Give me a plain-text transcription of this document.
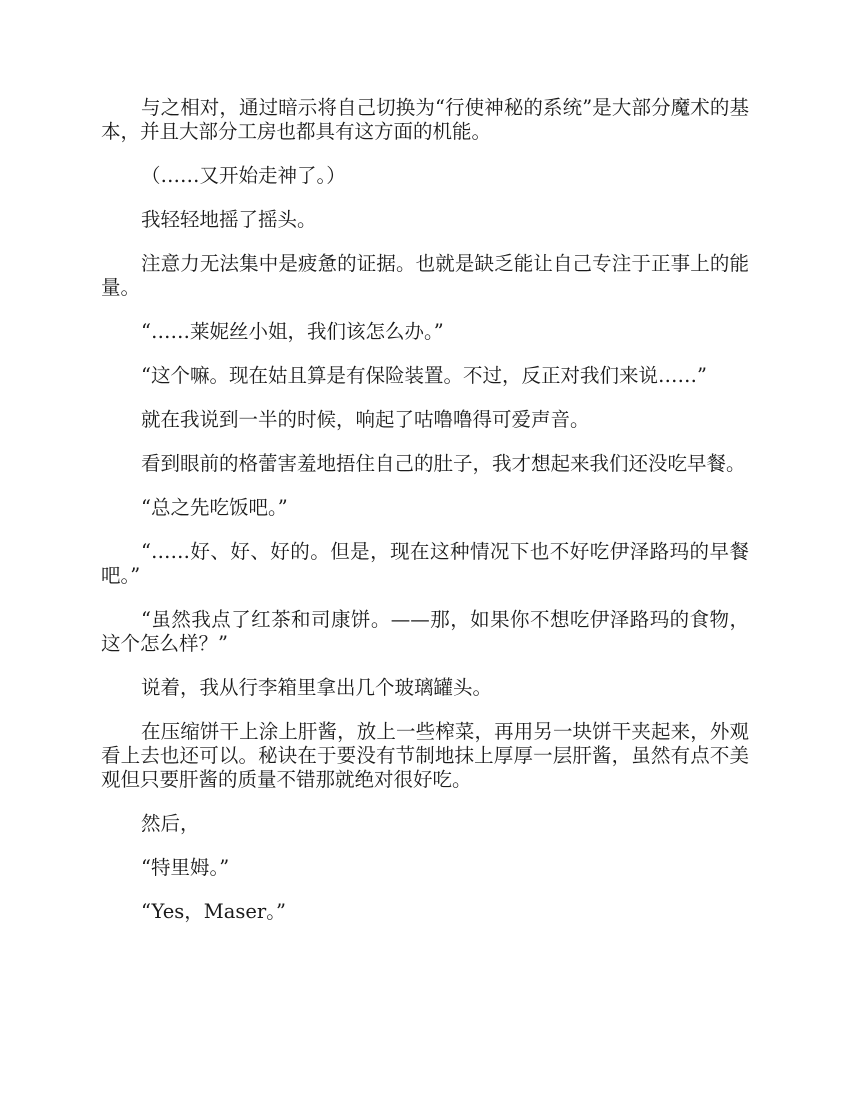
与之相对，通过暗示将自己切换为“行使神秘的系统”是大部分魔术的基本，并且大部分工房也都具有这方面的机能。

（……又开始走神了。）

我轻轻地摇了摇头。

注意力无法集中是疲惫的证据。也就是缺乏能让自己专注于正事上的能量。

“……莱妮丝小姐，我们该怎么办。”

“这个嘛。现在姑且算是有保险装置。不过，反正对我们来说……”

就在我说到一半的时候，响起了咕噜噜得可爱声音。

看到眼前的格蕾害羞地捂住自己的肚子，我才想起来我们还没吃早餐。

“总之先吃饭吧。”

“……好、好、好的。但是，现在这种情况下也不好吃伊泽路玛的早餐吧。”

“虽然我点了红茶和司康饼。——那，如果你不想吃伊泽路玛的食物，这个怎么样？”

说着，我从行李箱里拿出几个玻璃罐头。

在压缩饼干上涂上肝酱，放上一些榨菜，再用另一块饼干夹起来，外观看上去也还可以。秘诀在于要没有节制地抹上厚厚一层肝酱，虽然有点不美观但只要肝酱的质量不错那就绝对很好吃。

然后，

“特里姆。”

“Yes，Maser。”
